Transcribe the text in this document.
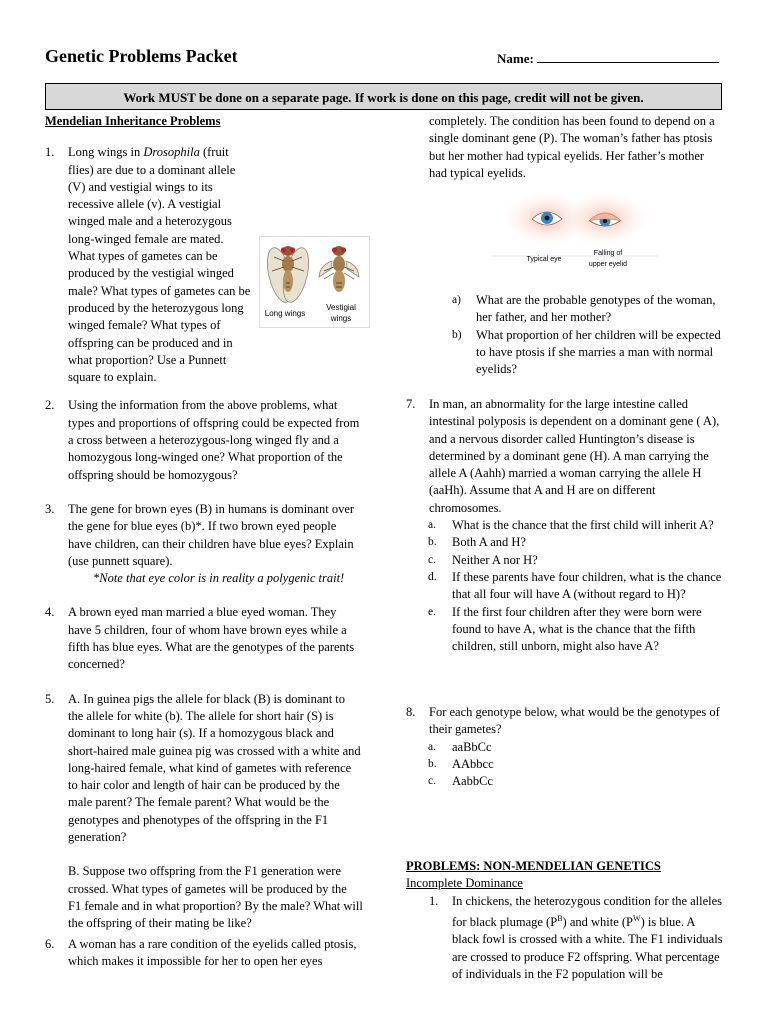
Genetic Problems Packet	Name:
Work MUST be done on a separate page. If work is done on this page, credit will not be given.

Mendelian Inheritance Problems

1. Long wings in Drosophila (fruit flies) are due to a dominant allele (V) and vestigial wings to its recessive allele (v). A vestigial winged male and a heterozygous long-winged female are mated. What types of gametes can be produced by the vestigial winged male? What types of gametes can be produced by the heterozygous long winged female? What types of offspring can be produced and in what proportion? Use a Punnett square to explain.
2. Using the information from the above problems, what types and proportions of offspring could be expected from a cross between a heterozygous-long winged fly and a homozygous long-winged one? What proportion of the offspring should be homozygous?
3. The gene for brown eyes (B) in humans is dominant over the gene for blue eyes (b)*. If two brown eyed people have children, can their children have blue eyes? Explain (use punnett square).

*Note that eye color is in reality a polygenic trait!

4. A brown eyed man married a blue eyed woman. They have 5 children, four of whom have brown eyes while a fifth has blue eyes. What are the genotypes of the parents concerned?
5. A. In guinea pigs the allele for black (B) is dominant to the allele for white (b). The allele for short hair (S) is dominant to long hair (s). If a homozygous black and short-haired male guinea pig was crossed with a white and long-haired female, what kind of gametes with reference to hair color and length of hair can be produced by the male parent? The female parent? What would be the genotypes and phenotypes of the offspring in the F1 generation?

B. Suppose two offspring from the F1 generation were crossed. What types of gametes will be produced by the F1 female and in what proportion? By the male? What will the offspring of their mating be like?

6. A woman has a rare condition of the eyelids called ptosis, which makes it impossible for her to open her eyes
Long wings
Vestigial
wings

completely. The condition has been found to depend on a single dominant gene (P). The woman’s father has ptosis but her mother had typical eyelids. Her father’s mother had typical eyelids.

Typical eye
Falling of
upper eyelid
a) What are the probable genotypes of the woman, her father, and her mother?
b) What proportion of her children will be expected to have ptosis if she marries a man with normal eyelids?
7. In man, an abnormality for the large intestine called intestinal polyposis is dependent on a dominant gene ( A), and a nervous disorder called Huntington’s disease is determined by a dominant gene (H). A man carrying the allele A (Aahh) married a woman carrying the allele H (aaHh). Assume that A and H are on different chromosomes.
a. What is the chance that the first child will inherit A?
b. Both A and H?
c. Neither A nor H?
d. If these parents have four children, what is the chance that all four will have A (without regard to H)?
e. If the first four children after they were born were found to have A, what is the chance that the fifth children, still unborn, might also have A?
8. For each genotype below, what would be the genotypes of their gametes?
a. aaBbCc
b. AAbbcc
c. AabbCc

PROBLEMS: NON-MENDELIAN GENETICS

Incomplete Dominance

1. In chickens, the heterozygous condition for the alleles for black plumage $(P^B)$ and white $(P^W)$ is blue. A black fowl is crossed with a white. The F1 individuals are crossed to produce F2 offspring. What percentage of individuals in the F2 population will be
